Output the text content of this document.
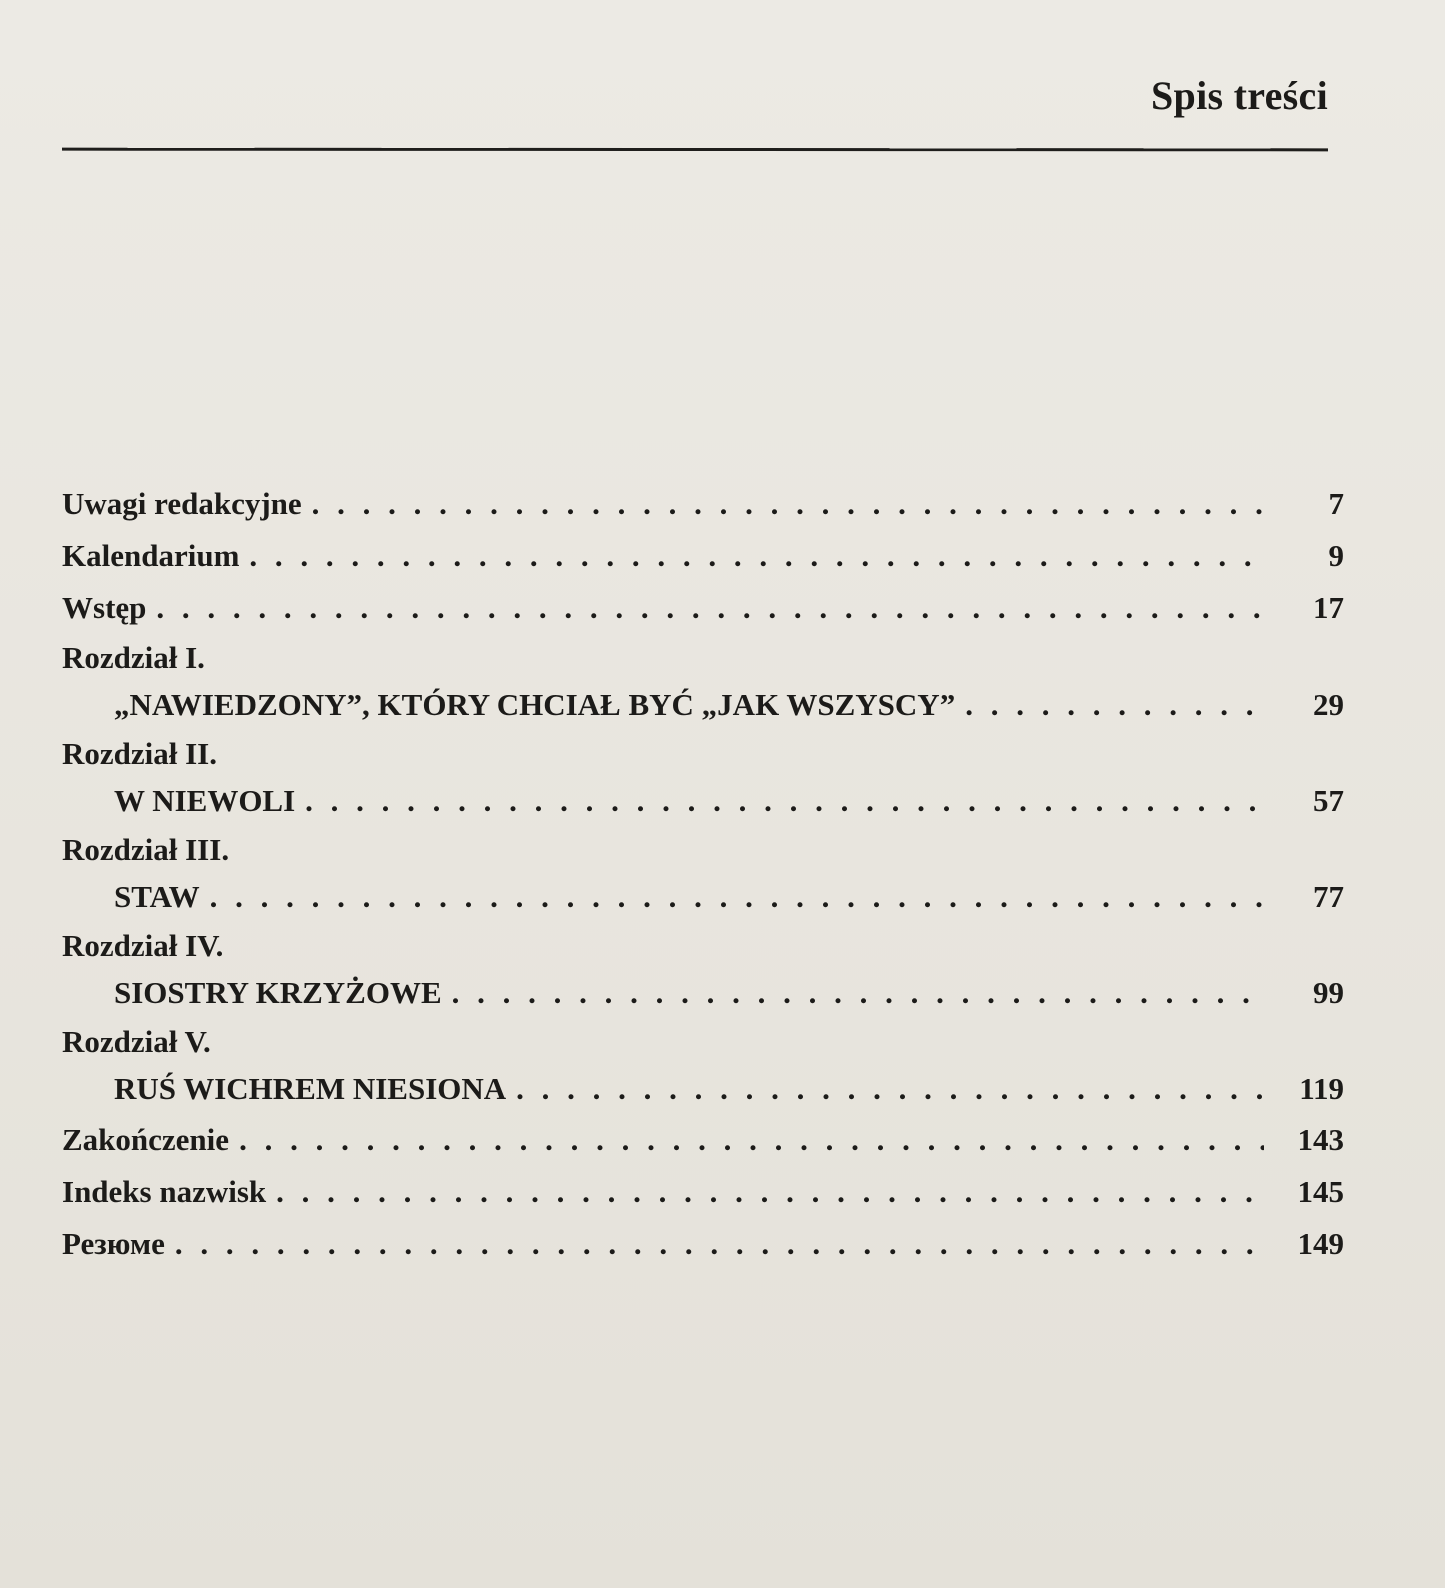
Spis treści
Uwagi redakcyjne . . .	7
Kalendarium . . .	9
Wstęp . . .	17
Rozdział I.
„NAWIEDZONY”, KTÓRY CHCIAŁ BYĆ „JAK WSZYSCY” . . .	29
Rozdział II.
W NIEWOLI . . .	57
Rozdział III.
STAW . . .	77
Rozdział IV.
SIOSTRY KRZYŻOWE . . .	99
Rozdział V.
RUŚ WICHREM NIESIONA . . .	119
Zakończenie . . .	143
Indeks nazwisk . . .	145
Резюме . . .	149
